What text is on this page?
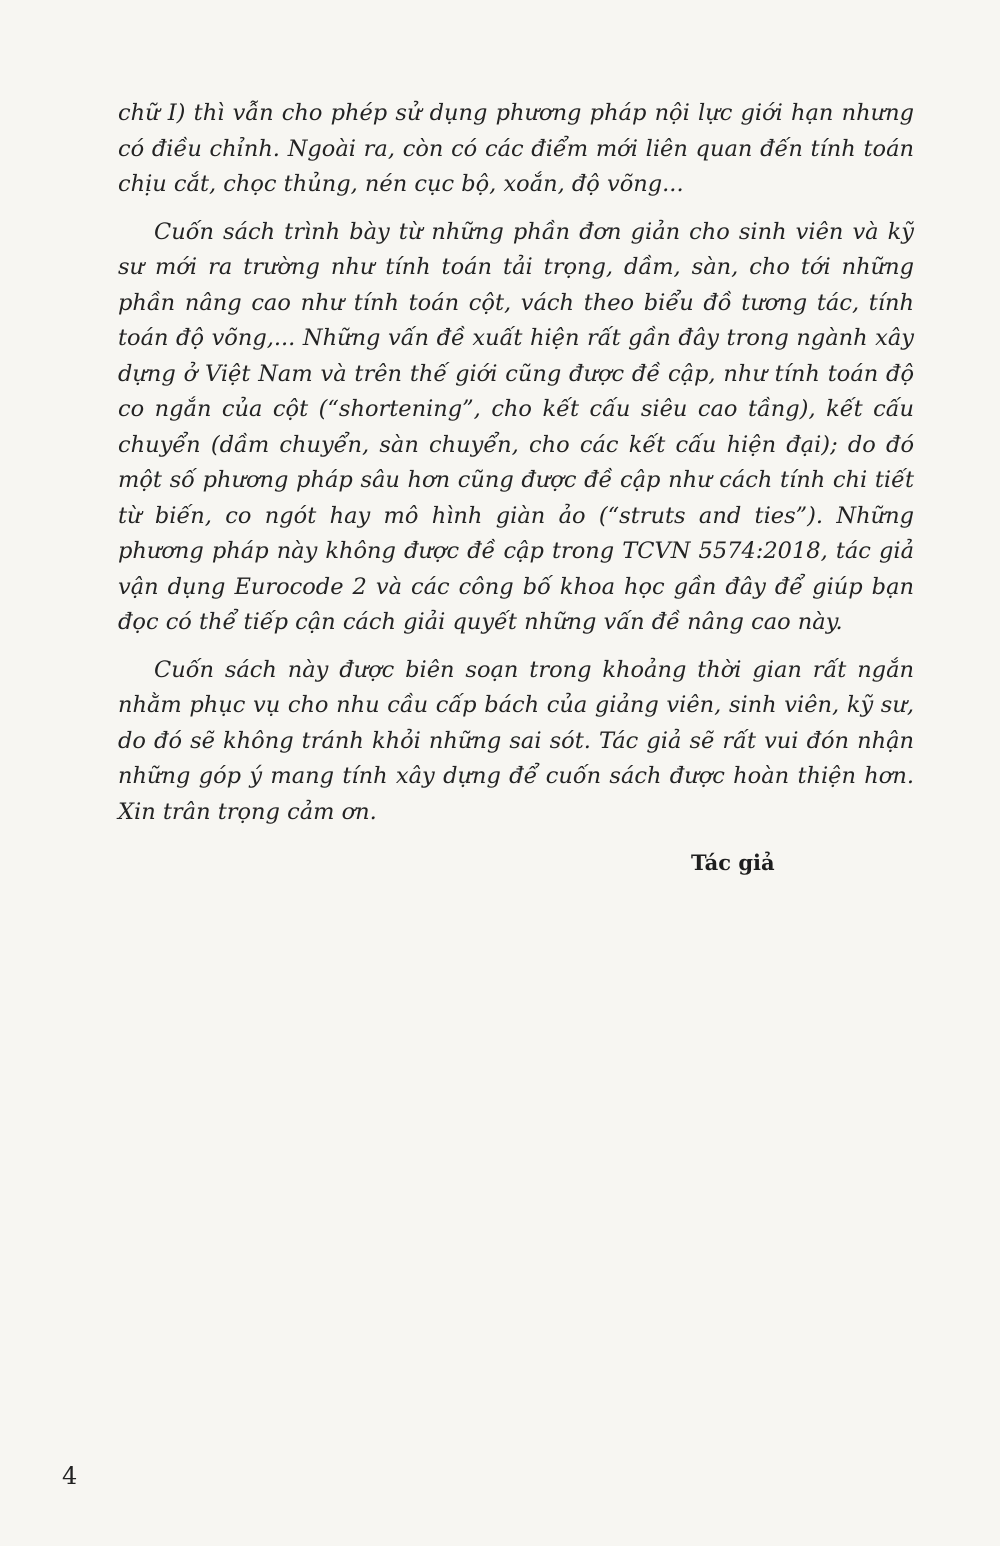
chữ I) thì vẫn cho phép sử dụng phương pháp nội lực giới hạn nhưng có điều chỉnh. Ngoài ra, còn có các điểm mới liên quan đến tính toán chịu cắt, chọc thủng, nén cục bộ, xoắn, độ võng...

Cuốn sách trình bày từ những phần đơn giản cho sinh viên và kỹ sư mới ra trường như tính toán tải trọng, dầm, sàn, cho tới những phần nâng cao như tính toán cột, vách theo biểu đồ tương tác, tính toán độ võng,... Những vấn đề xuất hiện rất gần đây trong ngành xây dựng ở Việt Nam và trên thế giới cũng được đề cập, như tính toán độ co ngắn của cột (“shortening”, cho kết cấu siêu cao tầng), kết cấu chuyển (dầm chuyển, sàn chuyển, cho các kết cấu hiện đại); do đó một số phương pháp sâu hơn cũng được đề cập như cách tính chi tiết từ biến, co ngót hay mô hình giàn ảo (“struts and ties”). Những phương pháp này không được đề cập trong TCVN 5574:2018, tác giả vận dụng Eurocode 2 và các công bố khoa học gần đây để giúp bạn đọc có thể tiếp cận cách giải quyết những vấn đề nâng cao này.

Cuốn sách này được biên soạn trong khoảng thời gian rất ngắn nhằm phục vụ cho nhu cầu cấp bách của giảng viên, sinh viên, kỹ sư, do đó sẽ không tránh khỏi những sai sót. Tác giả sẽ rất vui đón nhận những góp ý mang tính xây dựng để cuốn sách được hoàn thiện hơn. Xin trân trọng cảm ơn.

Tác giả
4
